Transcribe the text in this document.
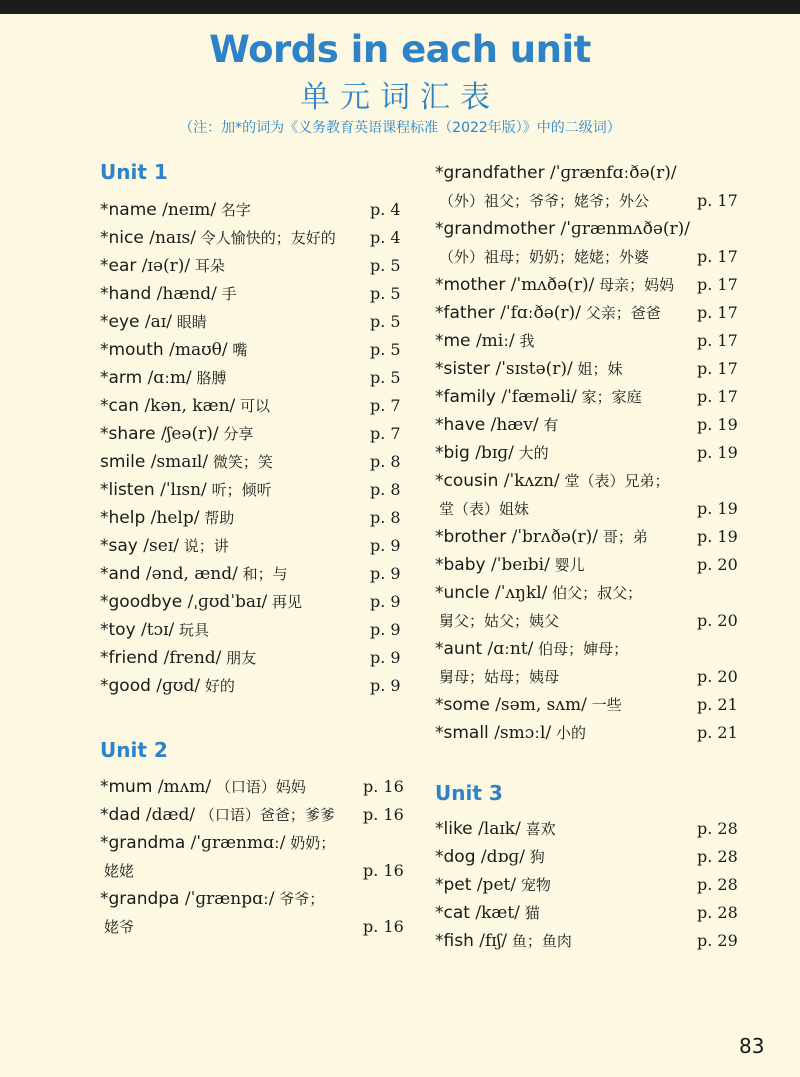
Words in each unit
单元词汇表
（注：加*的词为《义务教育英语课程标准（2022年版）》中的二级词）
Unit 1
*name /neɪm/ 名字	p. 4
*nice /naɪs/ 令人愉快的；友好的 p. 4
*ear /ɪə(r)/ 耳朵	p. 5
*hand /hænd/ 手	p. 5
*eye /aɪ/ 眼睛	p. 5
*mouth /maʊθ/ 嘴	p. 5
*arm /ɑːm/ 胳膊	p. 5
*can /kən, kæn/ 可以	p. 7
*share /ʃeə(r)/ 分享	p. 7
smile /smaɪl/ 微笑；笑	p. 8
*listen /ˈlɪsn/ 听；倾听	p. 8
*help /help/ 帮助	p. 8
*say /seɪ/ 说；讲	p. 9
*and /ənd, ænd/ 和；与	p. 9
*goodbye /ˌɡʊdˈbaɪ/ 再见	p. 9
*toy /tɔɪ/ 玩具	p. 9
*friend /frend/ 朋友	p. 9
*good /ɡʊd/ 好的	p. 9
Unit 2
*mum /mʌm/ （口语）妈妈	p. 16
*dad /dæd/ （口语）爸爸；爹爹 p. 16
*grandma /ˈɡrænmɑː/ 奶奶；
姥姥	p. 16
*grandpa /ˈɡrænpɑː/ 爷爷；
姥爷	p. 16
*grandfather /ˈɡrænfɑːðə(r)/
（外）祖父；爷爷；姥爷；外公	p. 17
*grandmother /ˈɡrænmʌðə(r)/
（外）祖母；奶奶；姥姥；外婆	p. 17
*mother /ˈmʌðə(r)/ 母亲；妈妈 p. 17
*father /ˈfɑːðə(r)/ 父亲；爸爸 p. 17
*me /miː/ 我	p. 17
*sister /ˈsɪstə(r)/ 姐；妹	p. 17
*family /ˈfæməli/ 家；家庭	p. 17
*have /hæv/ 有	p. 19
*big /bɪɡ/ 大的	p. 19
*cousin /ˈkʌzn/ 堂（表）兄弟；
堂（表）姐妹	p. 19
*brother /ˈbrʌðə(r)/ 哥；弟	p. 19
*baby /ˈbeɪbi/ 婴儿	p. 20
*uncle /ˈʌŋkl/ 伯父；叔父；
舅父；姑父；姨父	p. 20
*aunt /ɑːnt/ 伯母；婶母；
舅母；姑母；姨母	p. 20
*some /səm, sʌm/ 一些	p. 21
*small /smɔːl/ 小的	p. 21
Unit 3
*like /laɪk/ 喜欢	p. 28
*dog /dɒɡ/ 狗	p. 28
*pet /pet/ 宠物	p. 28
*cat /kæt/ 猫	p. 28
*fish /fɪʃ/ 鱼；鱼肉	p. 29
83
